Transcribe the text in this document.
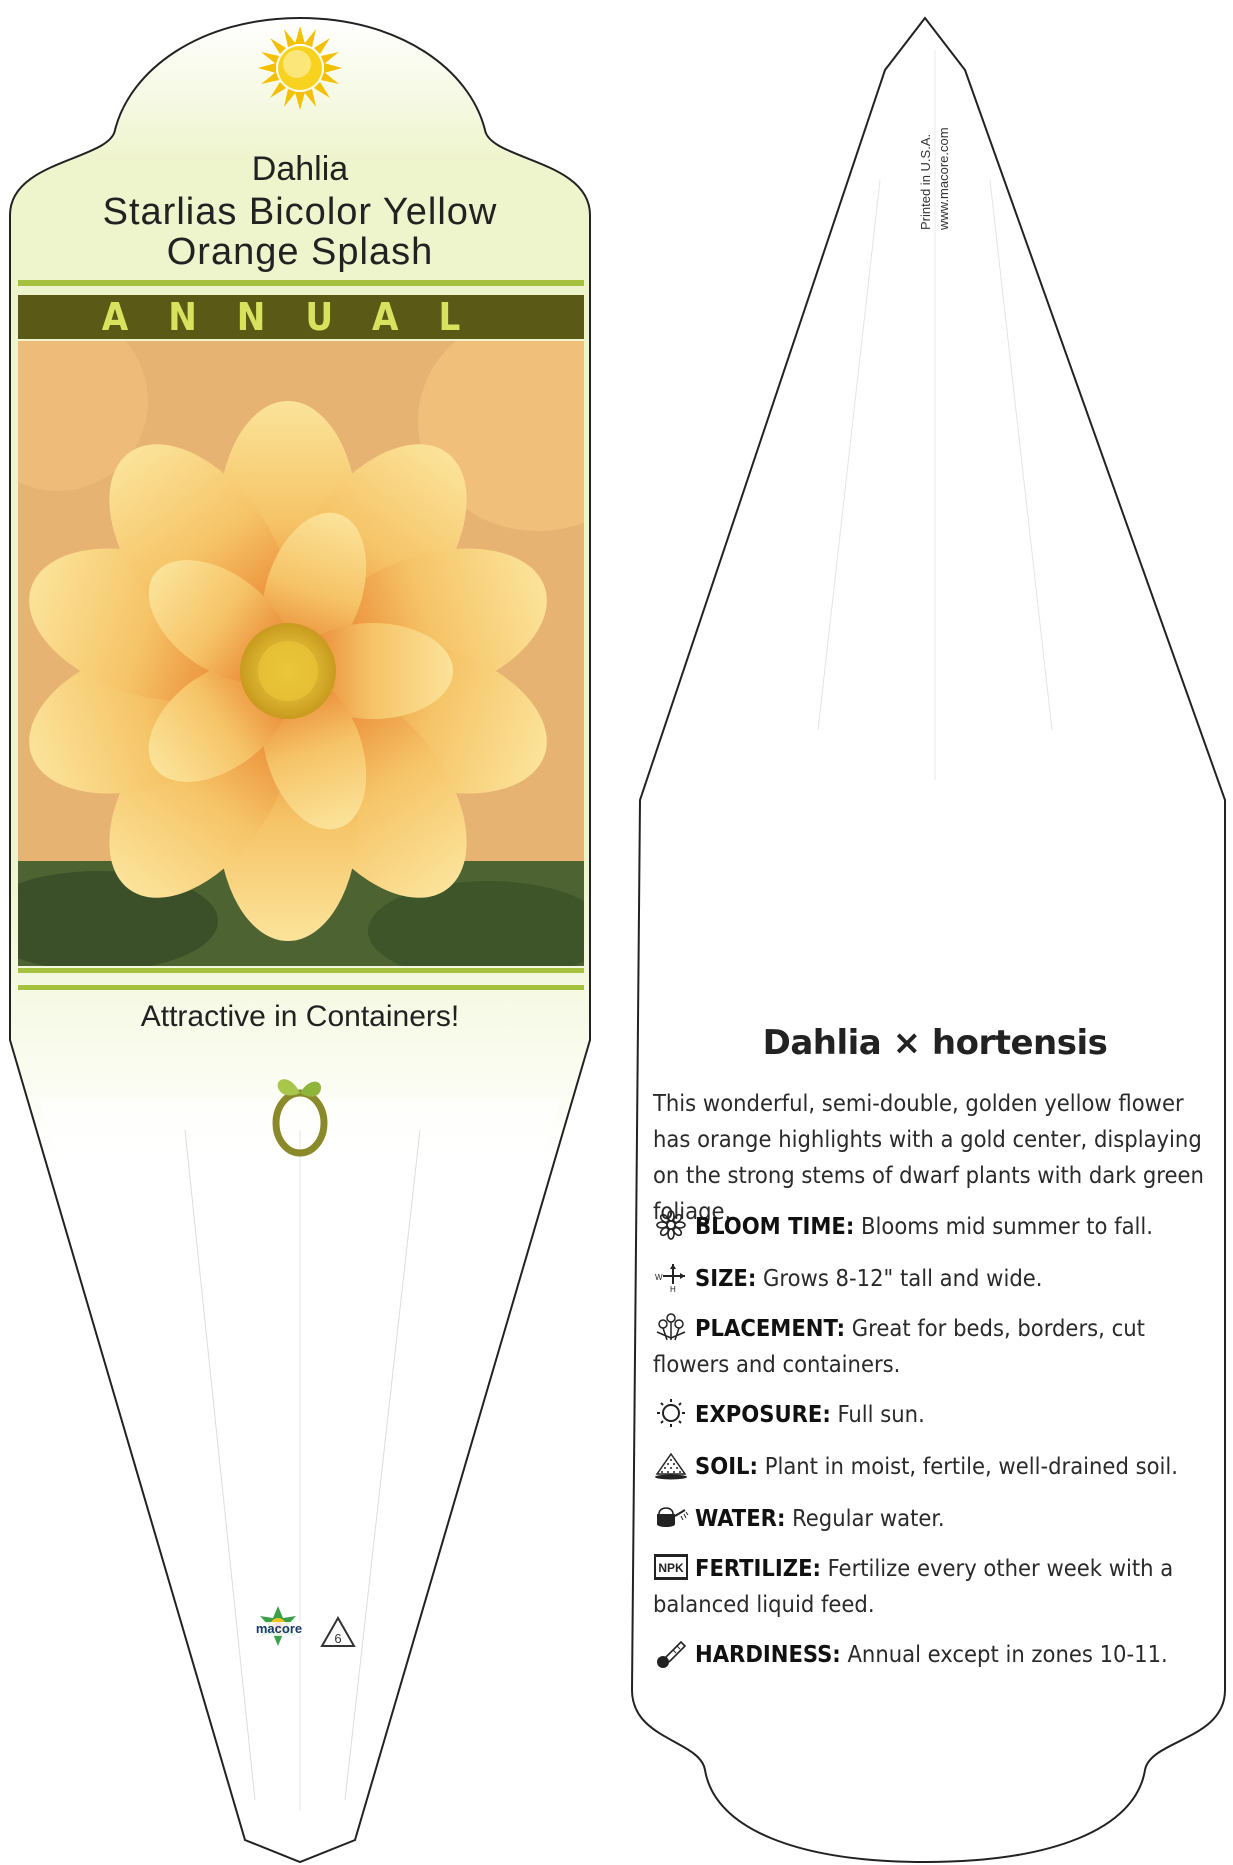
Dahlia
Starlias Bicolor Yellow
Orange Splash
ANNUAL
Attractive in Containers!
macore
6
Printed in U.S.A. www.macore.com
Dahlia × hortensis
This wonderful, semi-double, golden yellow flower has orange highlights with a gold center, displaying on the strong stems of dwarf plants with dark green foliage.
BLOOM TIME: Blooms mid summer to fall.
W
H SIZE: Grows 8-12" tall and wide.
PLACEMENT: Great for beds, borders, cut flowers and containers.
EXPOSURE: Full sun.
SOIL: Plant in moist, fertile, well-drained soil.
WATER: Regular water.
NPK FERTILIZE: Fertilize every other week with a balanced liquid feed.
HARDINESS: Annual except in zones 10-11.
